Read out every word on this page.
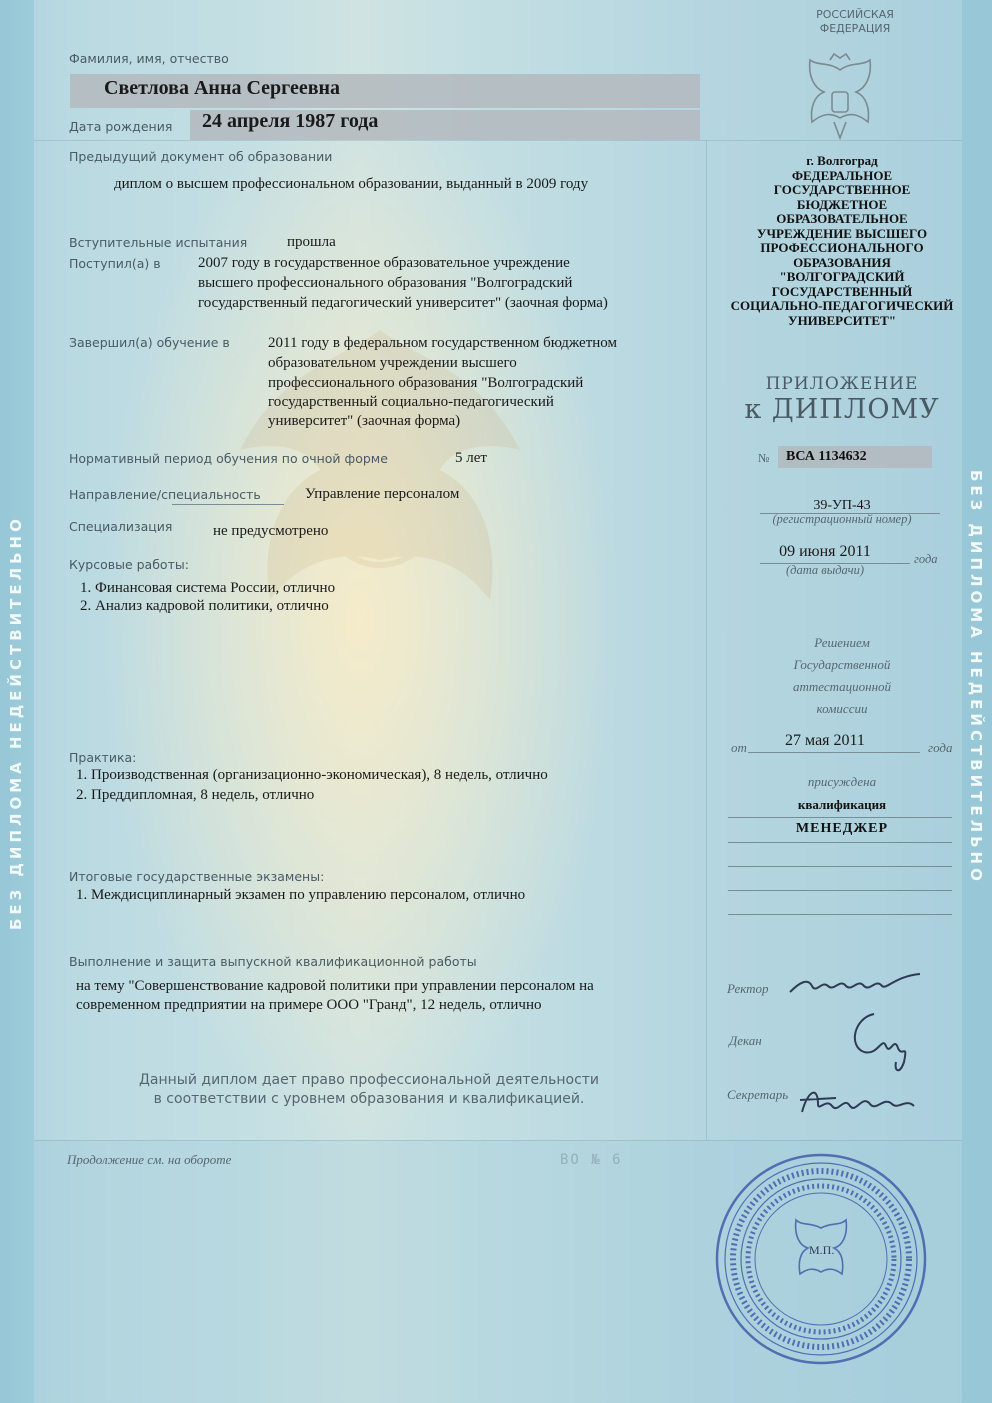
БЕЗ ДИПЛОМА НЕДЕЙСТВИТЕЛЬНО	БЕЗ ДИПЛОМА НЕДЕЙСТВИТЕЛЬНО
РОССИЙСКАЯ
ФЕДЕРАЦИЯ
Фамилия, имя, отчество
Светлова Анна Сергеевна
Дата рождения 24 апреля 1987 года
Предыдущий документ об образовании
диплом о высшем профессиональном образовании, выданный в 2009 году
Вступительные испытания	прошла
Поступил(а) в 2007 году в государственное образовательное учреждение
высшего профессионального образования "Волгоградский
государственный педагогический университет" (заочная форма)
Завершил(а) обучение в	2011 году в федеральном государственном бюджетном
образовательном учреждении высшего
профессионального образования "Волгоградский
государственный социально-педагогический
университет" (заочная форма)
Нормативный период обучения по очной форме	5 лет
Направление/специальность	Управление персоналом
Специализация	не предусмотрено
Курсовые работы:
1. Финансовая система России, отлично
2. Анализ кадровой политики, отлично
Практика:
1. Производственная (организационно-экономическая), 8 недель, отлично
2. Преддипломная, 8 недель, отлично
Итоговые государственные экзамены:
1. Междисциплинарный экзамен по управлению персоналом, отлично
Выполнение и защита выпускной квалификационной работы
на тему "Совершенствование кадровой политики при управлении персоналом на
современном предприятии на примере ООО "Гранд", 12 недель, отлично
Данный диплом дает право профессиональной деятельности
в соответствии с уровнем образования и квалификацией.
Продолжение см. на обороте	ВО № 6
г. Волгоград
ФЕДЕРАЛЬНОЕ
ГОСУДАРСТВЕННОЕ
БЮДЖЕТНОЕ
ОБРАЗОВАТЕЛЬНОЕ
УЧРЕЖДЕНИЕ ВЫСШЕГО
ПРОФЕССИОНАЛЬНОГО
ОБРАЗОВАНИЯ
"ВОЛГОГРАДСКИЙ
ГОСУДАРСТВЕННЫЙ
СОЦИАЛЬНО-ПЕДАГОГИЧЕСКИЙ
УНИВЕРСИТЕТ"
ПРИЛОЖЕНИЕ
к ДИПЛОМУ
№ ВСА 1134632
39-УП-43
(регистрационный номер)
09 июня 2011	года
(дата выдачи)
Решением
Государственной
аттестационной
комиссии
от	27 мая 2011	года
присуждена
квалификация
МЕНЕДЖЕР
Ректор
Декан
Секретарь
М.П.
